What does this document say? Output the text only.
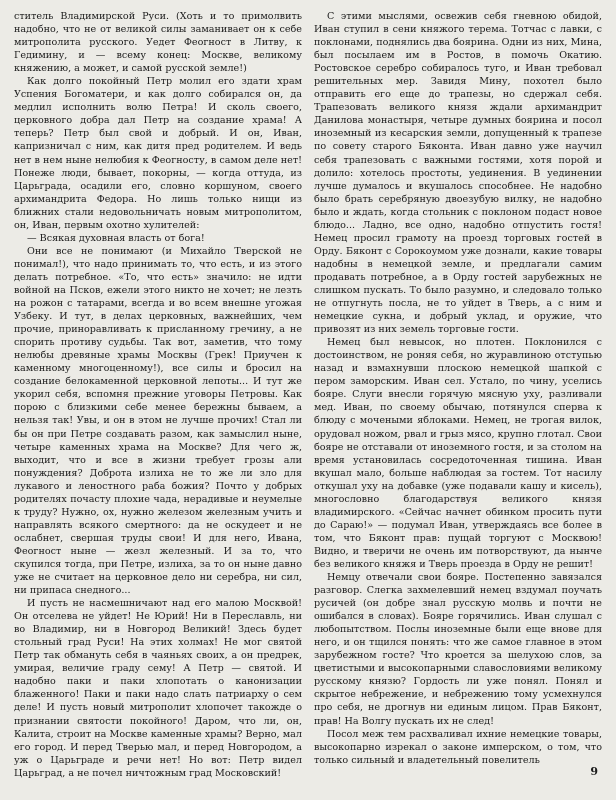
ститель Владимирской Руси. (Хоть и то примолвить надобно, что не от великой силы заманивает он к себе митрополита русского. Уедет Феогност в Литву, к Гедимину, и — всему конец: Москве, великому княжению, а может, и самой русской земле!)

Как долго покойный Петр молил его здати храм Успения Богоматери, и как долго собирался он, да медлил исполнить волю Петра! И сколь своего, церковного добра дал Петр на создание храма! А теперь? Петр был свой и добрый. И он, Иван, капризничал с ним, как дитя пред родителем. И ведь нет в нем ныне нелюбия к Феогносту, в самом деле нет! Понеже люди, бывает, покорны, — когда оттуда, из Царьграда, осадили его, словно коршуном, своего архимандрита Федора. Но лишь только нищи из ближних стали недовольничать новым митрополитом, он, Иван, первым охотно хулителей:

— Всякая духовная власть от бога!

Они все не понимают (и Михайло Тверской не понимал!), что надо принимать то, что есть, и из этого делать потребное. «То, что есть» значило: не идти войной на Псков, ежели этого никто не хочет; не лезть на рожон с татарами, всегда и во всем внешне угожая Узбеку. И тут, в делах церковных, важнейших, чем прочие, приноравливать к присланному гречину, а не спорить противу судьбы. Так вот, заметив, что тому нелюбы древяные храмы Москвы (Грек! Приучен к каменному многоценному!), все силы и бросил на создание белокаменной церковной лепоты... И тут же укорил себя, вспомня прежние уговоры Петровы. Как порою с близкими себе менее бережны бываем, а нельзя так! Увы, и он в этом не лучше прочих! Стал ли бы он при Петре создавать разом, как замыслил ныне, четыре каменных храма на Москве? Для чего ж, выходит, что и все в жизни требует грозы али понуждения? Доброта излиха не то же ли зло для лукавого и леностного раба божия? Почто у добрых родителях почасту плохие чада, нерадивые и неумелые к труду? Нужно, ох, нужно железом железным учить и направлять всякого смертного: да не оскудеет и не ослабнет, свершая труды свои! И для него, Ивана, Феогност ныне — жезл железный. И за то, что скупился тогда, при Петре, излиха, за то он ныне давно уже не считает на церковное дело ни серебра, ни сил, ни припаса снедного...

И пусть не насмешничают над его малою Москвой! Он отселева не уйдет! Не Юрий! Ни в Переславль, ни во Владимир, ни в Новгород Великий! Здесь будет стольный град Руси! На этих холмах! Не мог святой Петр так обмануть себя в чаяньях своих, а он предрек, умирая, величие граду сему! А Петр — святой. И надобно паки и паки хлопотать о канонизации блаженного! Паки и паки надо слать патриарху о сем деле! И пусть новый митрополит хлопочет такожде о признании святости покойного! Даром, что ли, он, Калита, строит на Москве каменные храмы? Верно, мал его город. И перед Тверью мал, и перед Новгородом, а уж о Царьграде и речи нет! Но вот: Петр видел Царьград, а не почел ничтожным град Московский!

С этими мыслями, освежив себя гневною обидой, Иван ступил в сени княжого терема. Тотчас с лавки, с поклонами, поднялись два боярина. Одни из них, Мина, был посылаем им в Ростов, в помочь Окатию. Ростовское серебро собиралось туго, и Иван требовал решительных мер. Завидя Мину, похотел было отправить его еще до трапезы, но сдержал себя. Трапезовать великого князя ждали архимандрит Данилова монастыря, четыре думных боярина и посол иноземный из кесарския земли, допущенный к трапезе по совету старого Бяконта. Иван давно уже научил себя трапезовать с важными гостями, хотя порой и долило: хотелось простоты, уединения. В уединении лучше думалось и вкушалось способнее. Не надобно было брать серебряную двоезубую вилку, не надобно было и ждать, когда стольник с поклоном подаст новое блюдо... Ладно, все одно, надобно отпустить гостя! Немец просил грамоту на проезд торговых гостей в Орду. Бяконт с Сорокоумом уже дознали, какие товары надобны в немецкой земле, и предлагали самим продавать потребное, а в Орду гостей зарубежных не слишком пускать. То было разумно, и следовало только не отпугнуть посла, не то уйдет в Тверь, а с ним и немецкие сукна, и добрый уклад, и оружие, что привозят из них земель торговые гости.

Немец был невысок, но плотен. Поклонился с достоинством, не роняя себя, но журавлиною отступью назад и взмахнувши плоскою немецкой шапкой с пером заморским. Иван сел. Устало, по чину, уселись бояре. Слуги внесли горячую мясную уху, разливали мед. Иван, по своему обычаю, потянулся сперва к блюду с мочеными яблоками. Немец, не трогая вилок, орудовал ножом, рвал и грыз мясо, крупно глотал. Свои бояре не отставали от иноземного гостя, и за столом на время установилась сосредоточенная тишина. Иван вкушал мало, больше наблюдая за гостем. Тот насилу откушал уху на добавке (уже подавали кашу и кисель), многословно благодарствуя великого князя владимирского. «Сейчас начнет обинком просить пути до Сараю!» — подумал Иван, утверждаясь все более в том, что Бяконт прав: пущай торгуют с Москвою! Видно, и тверичи не очень им потворствуют, да нынче без великого княжя и Тверь проезда в Орду не решит!

Немцу отвечали свои бояре. Постепенно завязался разговор. Слегка захмелевший немец вздумал поучать русичей (он добре знал русскую молвь и почти не ошибался в словах). Бояре горячились. Иван слушал с любопытством. Послы иноземные были еще внове для него, и он тщился понять: что же самое главное в этом зарубежном госте? Что кроется за шелухою слов, за цветистыми и высокопарными славословиями великому русскому князю? Гордость ли уже понял. Понял и скрытое небрежение, и небрежению тому усмехнулся про себя, не дрогнув ни единым лицом. Прав Бяконт, прав! На Волгу пускать их не след!

Посол меж тем расхваливал ихние немецкие товары, высокопарно изрекал о законе имперском, о том, что только сильный и владетельный повелитель

9
